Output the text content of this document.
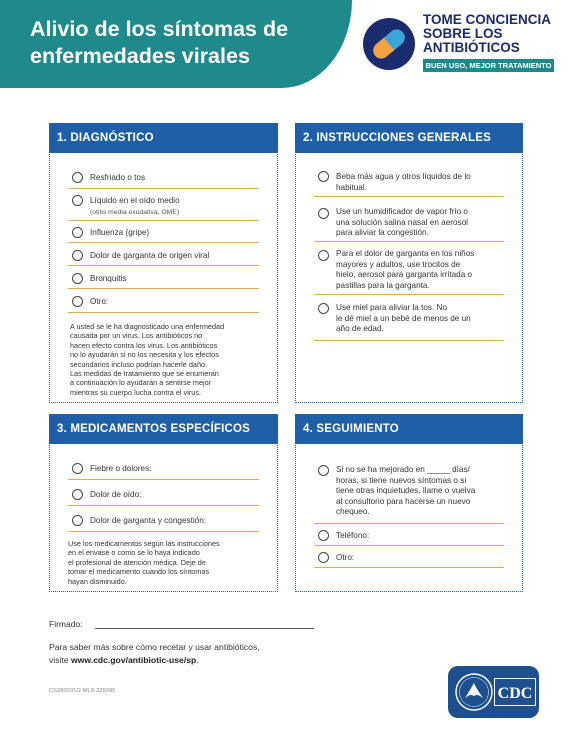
Alivio de los síntomas de
enfermedades virales
TOME CONCIENCIA
SOBRE LOS
ANTIBIÓTICOS
BUEN USO, MEJOR TRATAMIENTO
1. DIAGNÓSTICO
Resfriado o tos
Líquido en el oído medio
(otitis media exudativa, OME)
Influenza (gripe)
Dolor de garganta de origen viral
Bronquitis
Otro:
A usted se le ha diagnosticado una enfermedad
causada por un virus. Los antibióticos no
hacen efecto contra los virus. Los antibióticos
no lo ayudarán si no los necesita y los efectos
secundarios incluso podrían hacerle daño.
Las medidas de tratamiento que se enumeran
a continuación lo ayudarán a sentirse mejor
mientras su cuerpo lucha contra el virus.
2. INSTRUCCIONES GENERALES
Beba más agua y otros líquidos de lo
habitual.
Use un humidificador de vapor frío o
una solución salina nasal en aerosol
para aliviar la congestión.
Para el dolor de garganta en los niños
mayores y adultos, use trocitos de
hielo, aerosol para garganta irritada o
pastillas para la garganta.
Use miel para aliviar la tos. No
le dé miel a un bebé de menos de un
año de edad.
3. MEDICAMENTOS ESPECÍFICOS
Fiebre o dolores:
Dolor de oído:
Dolor de garganta y congestión:
Use los medicamentos según las instrucciones
en el envase o como se lo haya indicado
el profesional de atención médica. Deje de
tomar el medicamento cuando los síntomas
hayan disminuido.
4. SEGUIMIENTO
Si no se ha mejorado en _____ días/
horas, si tiene nuevos síntomas o si
tiene otras inquietudes, llame o vuelva
al consultorio para hacerse un nuevo
chequeo.
Teléfono:
Otro:
Firmado:
Para saber más sobre cómo recetar y usar antibióticos,
visite www.cdc.gov/antibiotic-use/sp.
CS280031G MLS 325095	CDC
